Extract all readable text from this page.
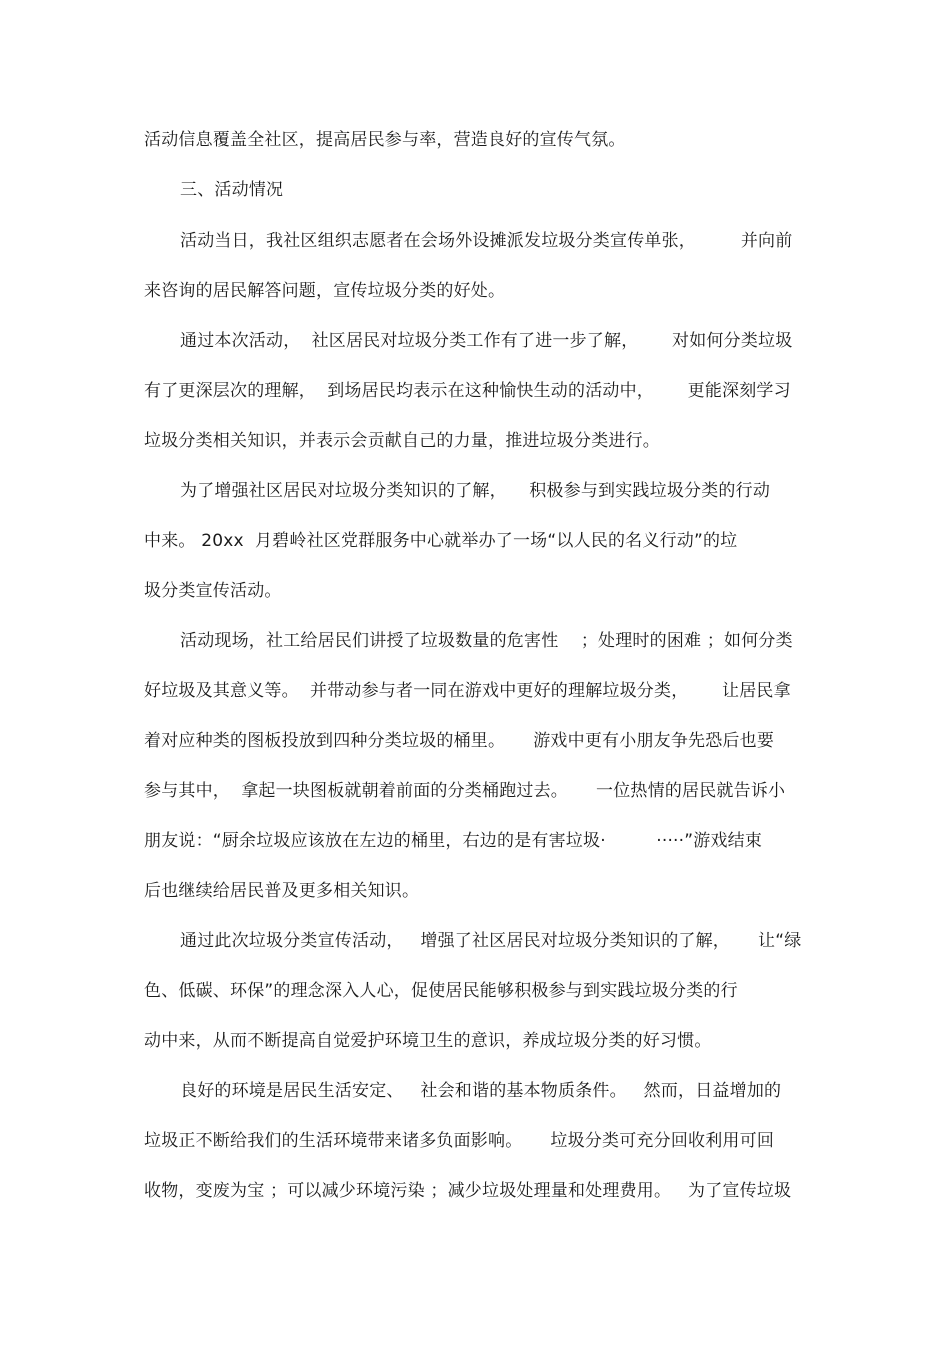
活动信息覆盖全社区，提高居民参与率，营造良好的宣传气氛。
三、活动情况
活动当日，我社区组织志愿者在会场外设摊派发垃圾分类宣传单张，        并向前
来咨询的居民解答问题，宣传垃圾分类的好处。
通过本次活动，  社区居民对垃圾分类工作有了进一步了解，      对如何分类垃圾
有了更深层次的理解，  到场居民均表示在这种愉快生动的活动中，      更能深刻学习
垃圾分类相关知识，并表示会贡献自己的力量，推进垃圾分类进行。
为了增强社区居民对垃圾分类知识的了解，    积极参与到实践垃圾分类的行动
中来。 20xx  月碧岭社区党群服务中心就举办了一场“以人民的名义行动”的垃
圾分类宣传活动。
活动现场，社工给居民们讲授了垃圾数量的危害性    ；处理时的困难 ；如何分类
好垃圾及其意义等。  并带动参与者一同在游戏中更好的理解垃圾分类，      让居民拿
着对应种类的图板投放到四种分类垃圾的桶里。     游戏中更有小朋友争先恐后也要
参与其中，  拿起一块图板就朝着前面的分类桶跑过去。     一位热情的居民就告诉小
朋友说：“厨余垃圾应该放在左边的桶里，右边的是有害垃圾·         ·····”游戏结束
后也继续给居民普及更多相关知识。
通过此次垃圾分类宣传活动，   增强了社区居民对垃圾分类知识的了解，     让“绿
色、低碳、环保”的理念深入人心，促使居民能够积极参与到实践垃圾分类的行
动中来，从而不断提高自觉爱护环境卫生的意识，养成垃圾分类的好习惯。
良好的环境是居民生活安定、   社会和谐的基本物质条件。   然而，日益增加的
垃圾正不断给我们的生活环境带来诸多负面影响。     垃圾分类可充分回收利用可回
收物，变废为宝 ；可以减少环境污染 ；减少垃圾处理量和处理费用。   为了宣传垃圾
